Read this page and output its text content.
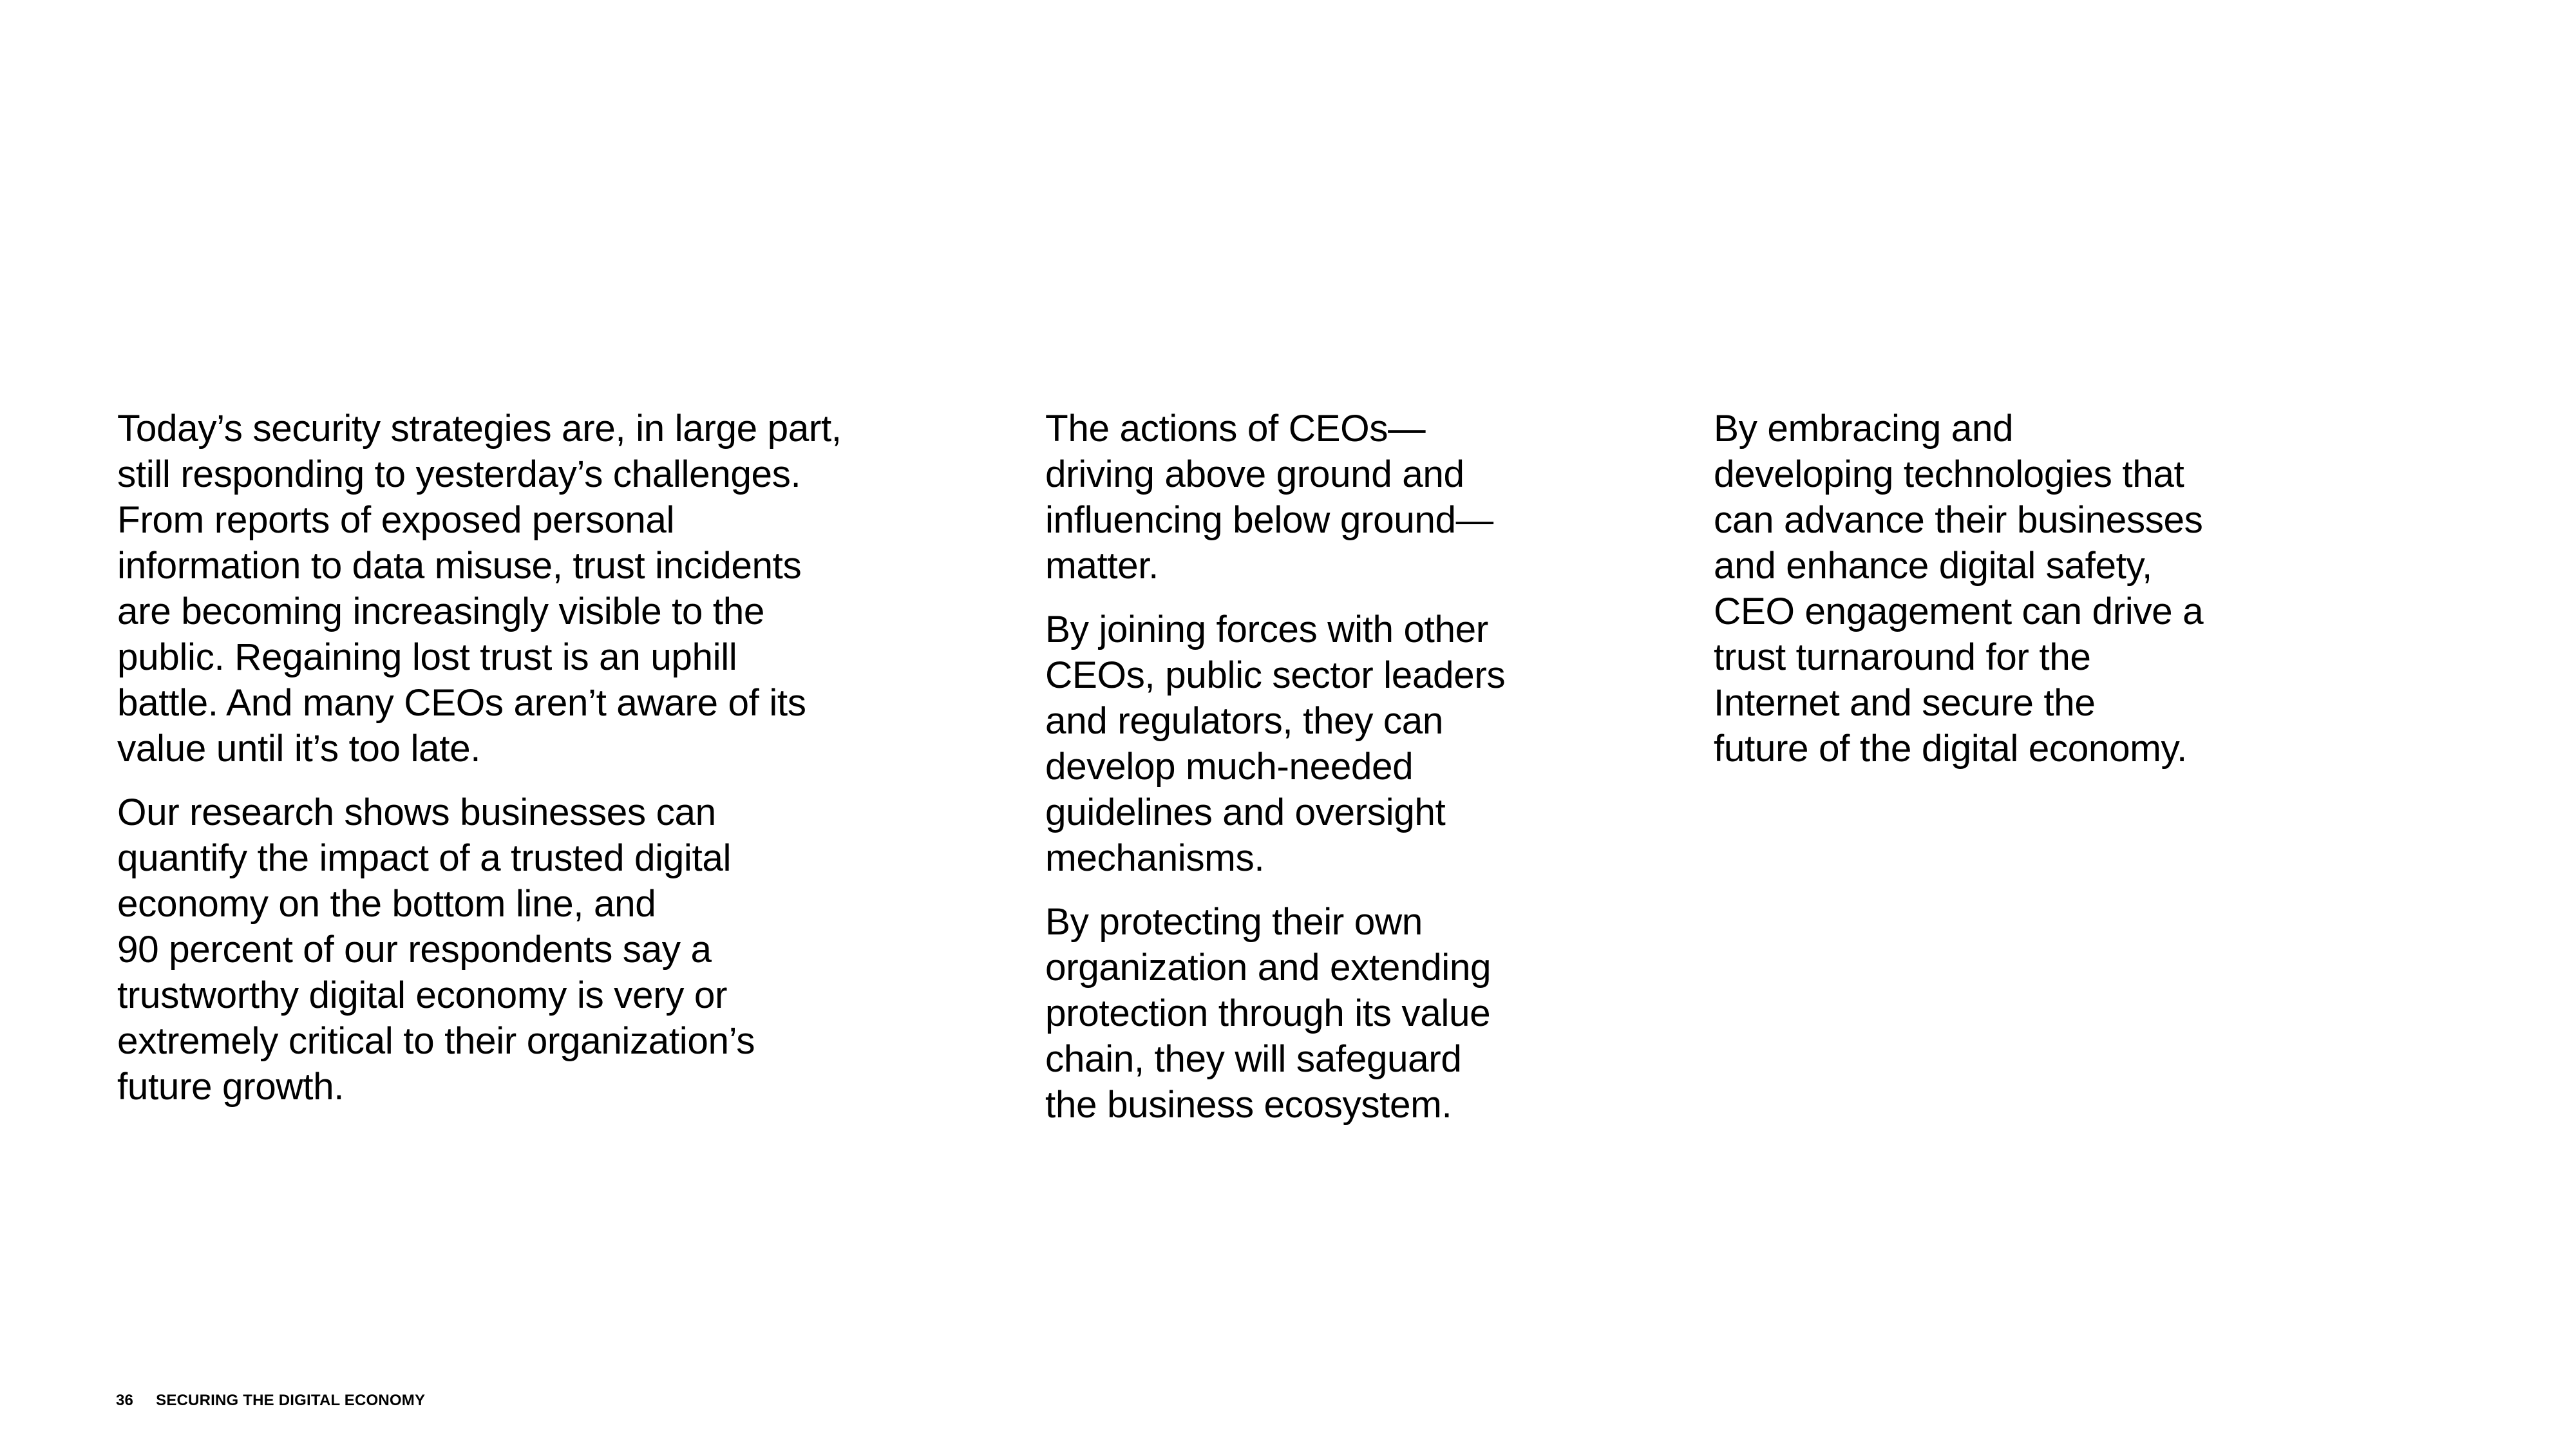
Today’s security strategies are, in large part,
still responding to yesterday’s challenges.
From reports of exposed personal
information to data misuse, trust incidents
are becoming increasingly visible to the
public. Regaining lost trust is an uphill
battle. And many CEOs aren’t aware of its
value until it’s too late.

Our research shows businesses can
quantify the impact of a trusted digital
economy on the bottom line, and
90 percent of our respondents say a
trustworthy digital economy is very or
extremely critical to their organization’s
future growth.

The actions of CEOs—
driving above ground and
influencing below ground—
matter.

By joining forces with other
CEOs, public sector leaders
and regulators, they can
develop much-needed
guidelines and oversight
mechanisms.

By protecting their own
organization and extending
protection through its value
chain, they will safeguard
the business ecosystem.

By embracing and
developing technologies that
can advance their businesses
and enhance digital safety,
CEO engagement can drive a
trust turnaround for the
Internet and secure the
future of the digital economy.

36 SECURING THE DIGITAL ECONOMY
